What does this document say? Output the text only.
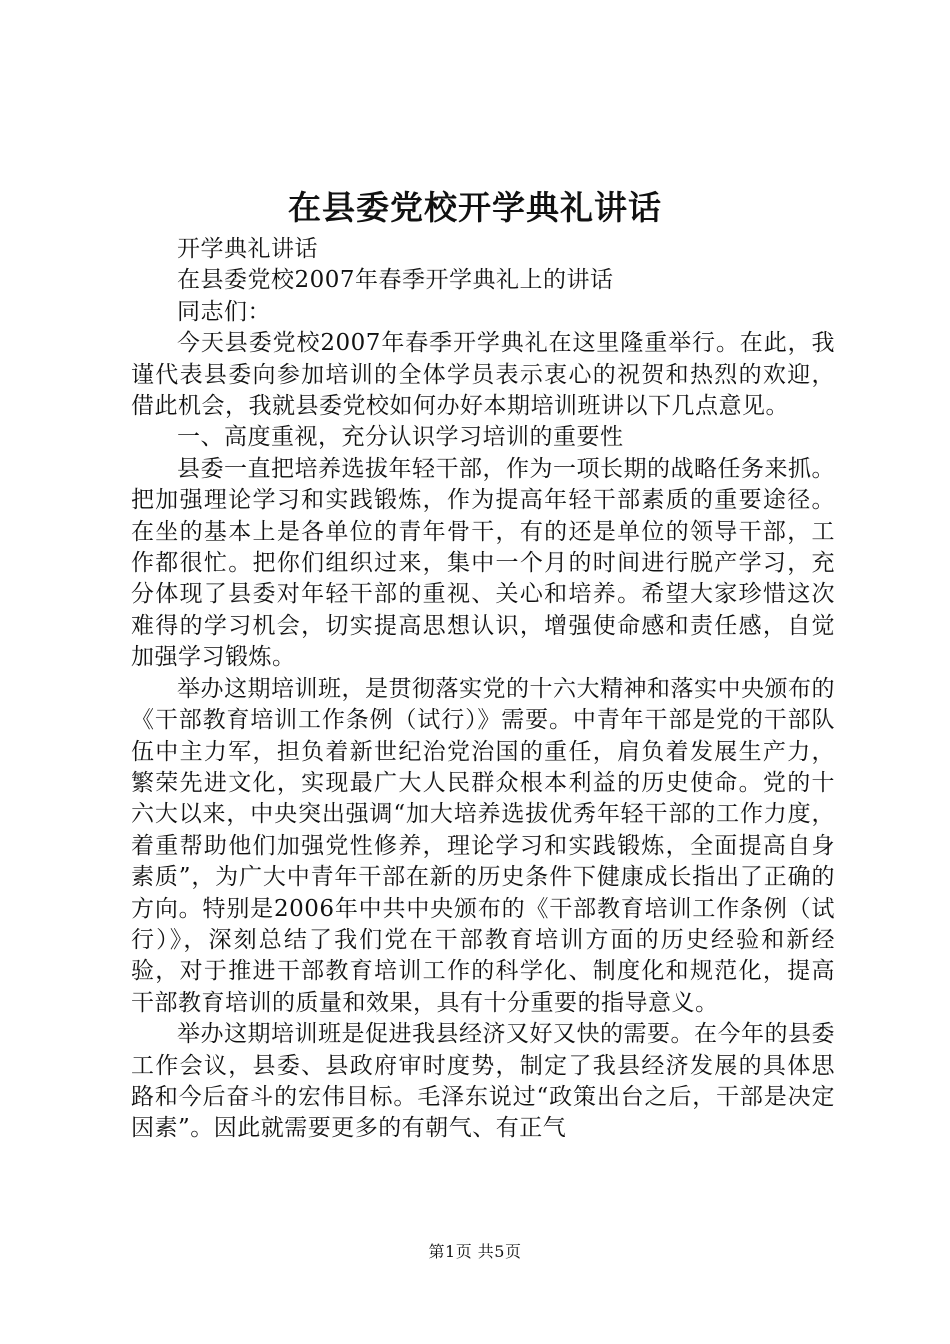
在县委党校开学典礼讲话

开学典礼讲话

在县委党校2007年春季开学典礼上的讲话

同志们：

今天县委党校2007年春季开学典礼在这里隆重举行。在此，我谨代表县委向参加培训的全体学员表示衷心的祝贺和热烈的欢迎，借此机会，我就县委党校如何办好本期培训班讲以下几点意见。

一、高度重视，充分认识学习培训的重要性

县委一直把培养选拔年轻干部，作为一项长期的战略任务来抓。把加强理论学习和实践锻炼，作为提高年轻干部素质的重要途径。在坐的基本上是各单位的青年骨干，有的还是单位的领导干部，工作都很忙。把你们组织过来，集中一个月的时间进行脱产学习，充分体现了县委对年轻干部的重视、关心和培养。希望大家珍惜这次难得的学习机会，切实提高思想认识，增强使命感和责任感，自觉加强学习锻炼。

举办这期培训班，是贯彻落实党的十六大精神和落实中央颁布的《干部教育培训工作条例（试行）》需要。中青年干部是党的干部队伍中主力军，担负着新世纪治党治国的重任，肩负着发展生产力，繁荣先进文化，实现最广大人民群众根本利益的历史使命。党的十六大以来，中央突出强调“加大培养选拔优秀年轻干部的工作力度，着重帮助他们加强党性修养，理论学习和实践锻炼，全面提高自身素质”，为广大中青年干部在新的历史条件下健康成长指出了正确的方向。特别是2006年中共中央颁布的《干部教育培训工作条例（试行）》，深刻总结了我们党在干部教育培训方面的历史经验和新经验，对于推进干部教育培训工作的科学化、制度化和规范化，提高干部教育培训的质量和效果，具有十分重要的指导意义。

举办这期培训班是促进我县经济又好又快的需要。在今年的县委工作会议，县委、县政府审时度势，制定了我县经济发展的具体思路和今后奋斗的宏伟目标。毛泽东说过“政策出台之后，干部是决定因素”。因此就需要更多的有朝气、有正气

第1页 共5页
